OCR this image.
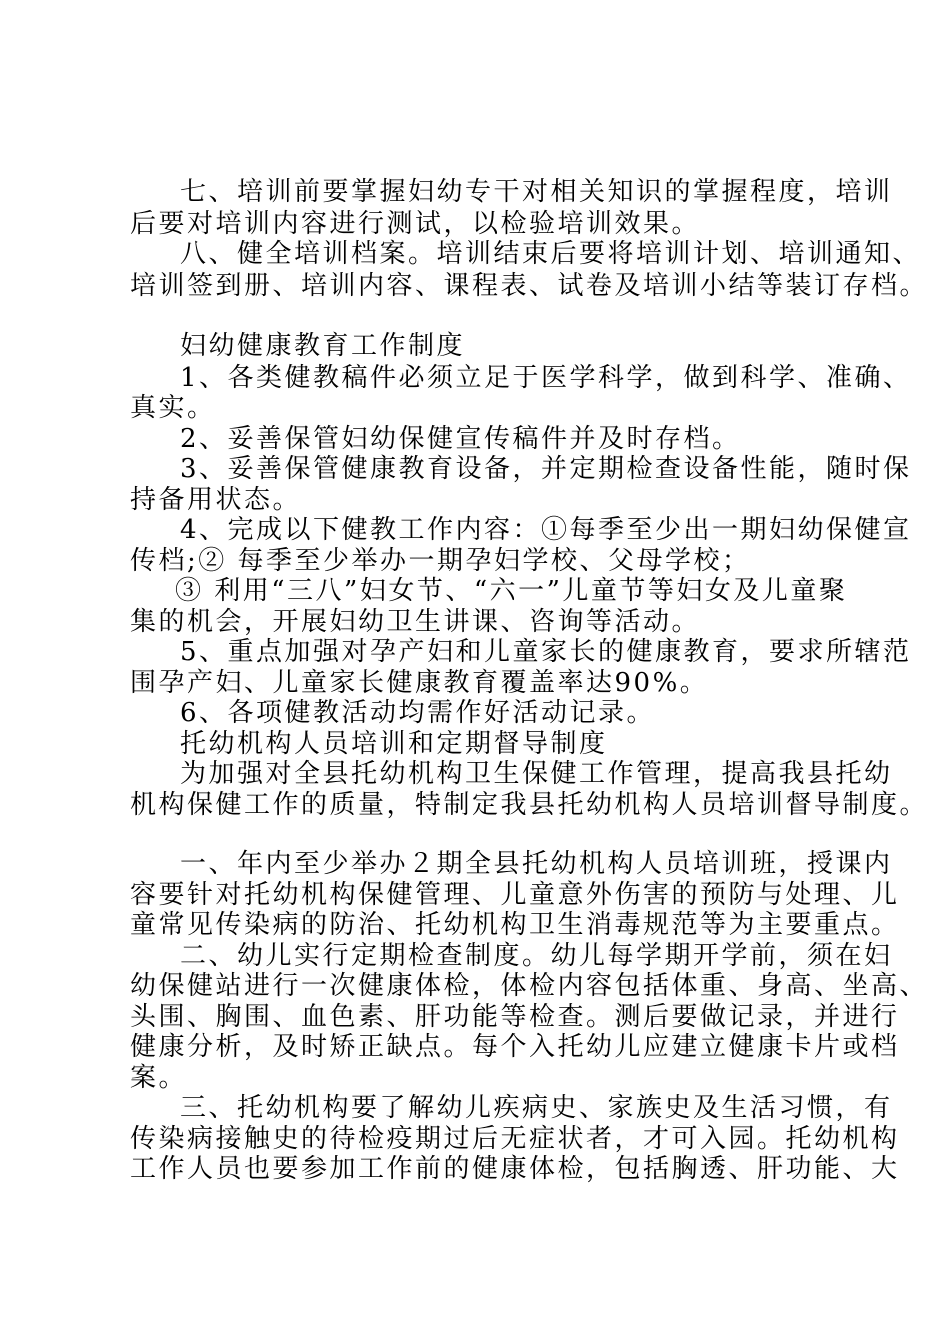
七、培训前要掌握妇幼专干对相关知识的掌握程度，培训
后要对培训内容进行测试，以检验培训效果。
八、健全培训档案。培训结束后要将培训计划、培训通知、
培训签到册、培训内容、课程表、试卷及培训小结等装订存档。
妇幼健康教育工作制度
1、各类健教稿件必须立足于医学科学，做到科学、准确、
真实。
2、妥善保管妇幼保健宣传稿件并及时存档。
3、妥善保管健康教育设备，并定期检查设备性能，随时保
持备用状态。
4、完成以下健教工作内容：①每季至少出一期妇幼保健宣
传档;② 每季至少举办一期孕妇学校、父母学校；
③ 利用“三八”妇女节、“六一”儿童节等妇女及儿童聚
集的机会，开展妇幼卫生讲课、咨询等活动。
5、重点加强对孕产妇和儿童家长的健康教育，要求所辖范
围孕产妇、儿童家长健康教育覆盖率达90%。
6、各项健教活动均需作好活动记录。
托幼机构人员培训和定期督导制度
为加强对全县托幼机构卫生保健工作管理，提高我县托幼
机构保健工作的质量，特制定我县托幼机构人员培训督导制度。
一、年内至少举办２期全县托幼机构人员培训班，授课内
容要针对托幼机构保健管理、儿童意外伤害的预防与处理、儿
童常见传染病的防治、托幼机构卫生消毒规范等为主要重点。
二、幼儿实行定期检查制度。幼儿每学期开学前，须在妇
幼保健站进行一次健康体检，体检内容包括体重、身高、坐高、
头围、胸围、血色素、肝功能等检查。测后要做记录，并进行
健康分析，及时矫正缺点。每个入托幼儿应建立健康卡片或档
案。
三、托幼机构要了解幼儿疾病史、家族史及生活习惯，有
传染病接触史的待检疫期过后无症状者，才可入园。托幼机构
工作人员也要参加工作前的健康体检，包括胸透、肝功能、大
